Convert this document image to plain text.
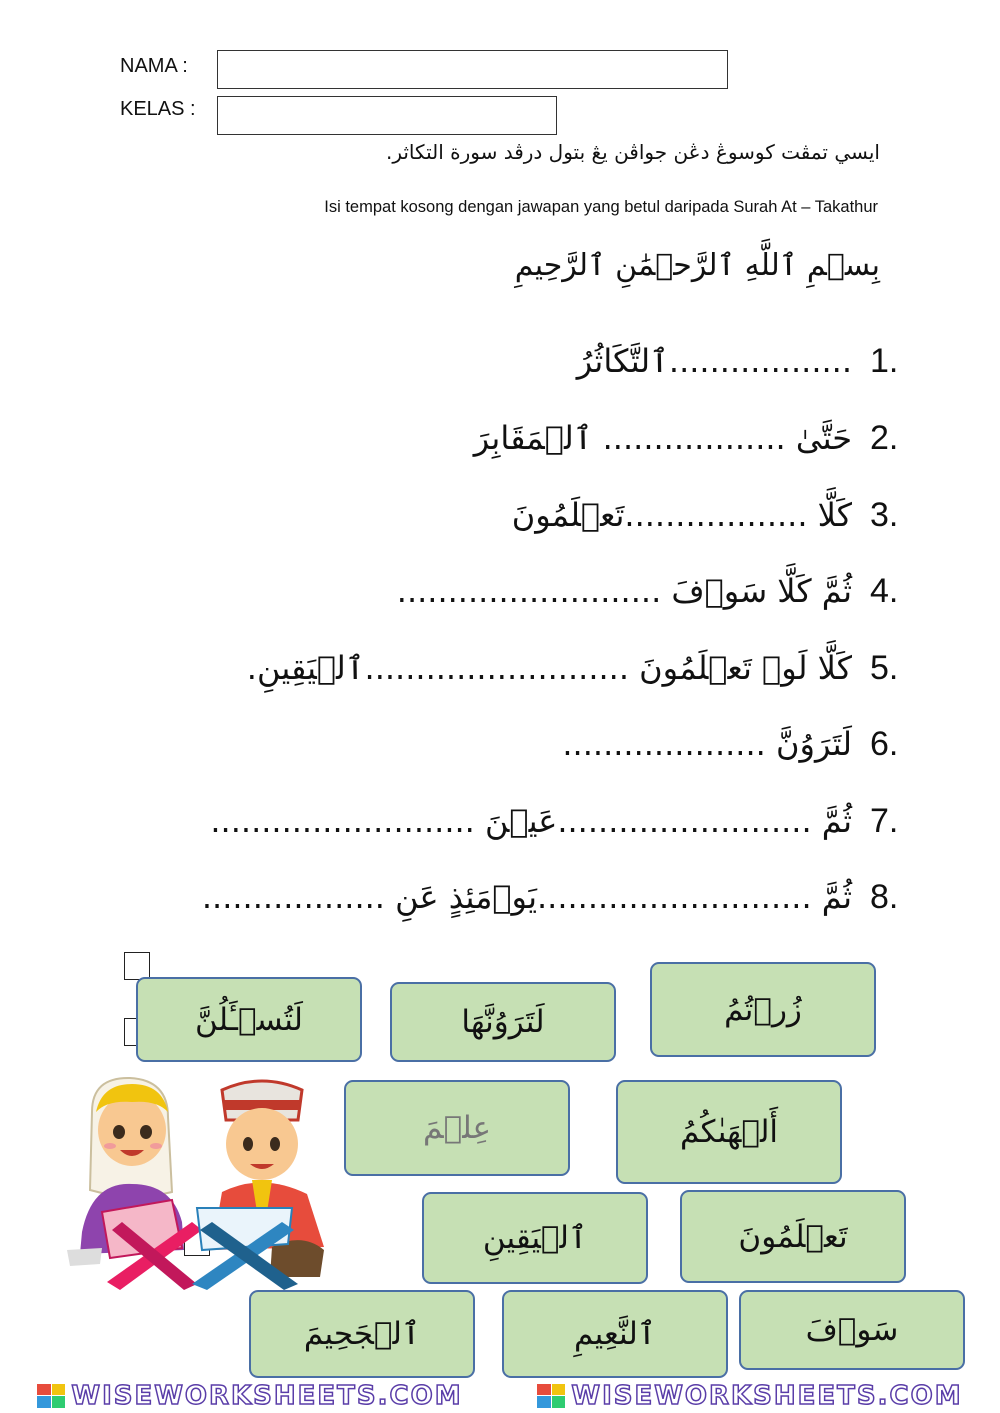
NAMA :
KELAS :
ايسي تمڤت كوسوڠ دڠن جواڤن يڠ بتول درڤد سورة التكاثر.
Isi tempat kosong dengan jawapan yang betul daripada Surah At – Takathur
بِسۡمِ ٱللَّهِ ٱلرَّحۡمَٰنِ ٱلرَّحِيمِ
1.
..................ٱلتَّكَاثُرُ
2.
حَتَّىٰ .................. ٱلۡمَقَابِرَ
3.
كَلَّا ..................تَعۡلَمُونَ
4.
ثُمَّ كَلَّا سَوۡفَ ..........................
5.
كَلَّا لَوۡ تَعۡلَمُونَ ..........................ٱلۡيَقِينِ.
6.
لَتَرَوُنَّ ....................
7.
ثُمَّ .........................عَيۡنَ ..........................
8.
ثُمَّ ...........................يَوۡمَئِذٍ عَنِ ..................
لَتُسۡـَٔلُنَّ	لَتَرَوُنَّهَا	زُرۡتُمُ
عِلۡمَ	أَلۡهَىٰكُمُ
ٱلۡيَقِينِ	تَعۡلَمُونَ
ٱلۡجَحِيمَ	ٱلنَّعِيمِ	سَوۡفَ
WISEWORKSHEETS.COM	WISEWORKSHEETS.COM
